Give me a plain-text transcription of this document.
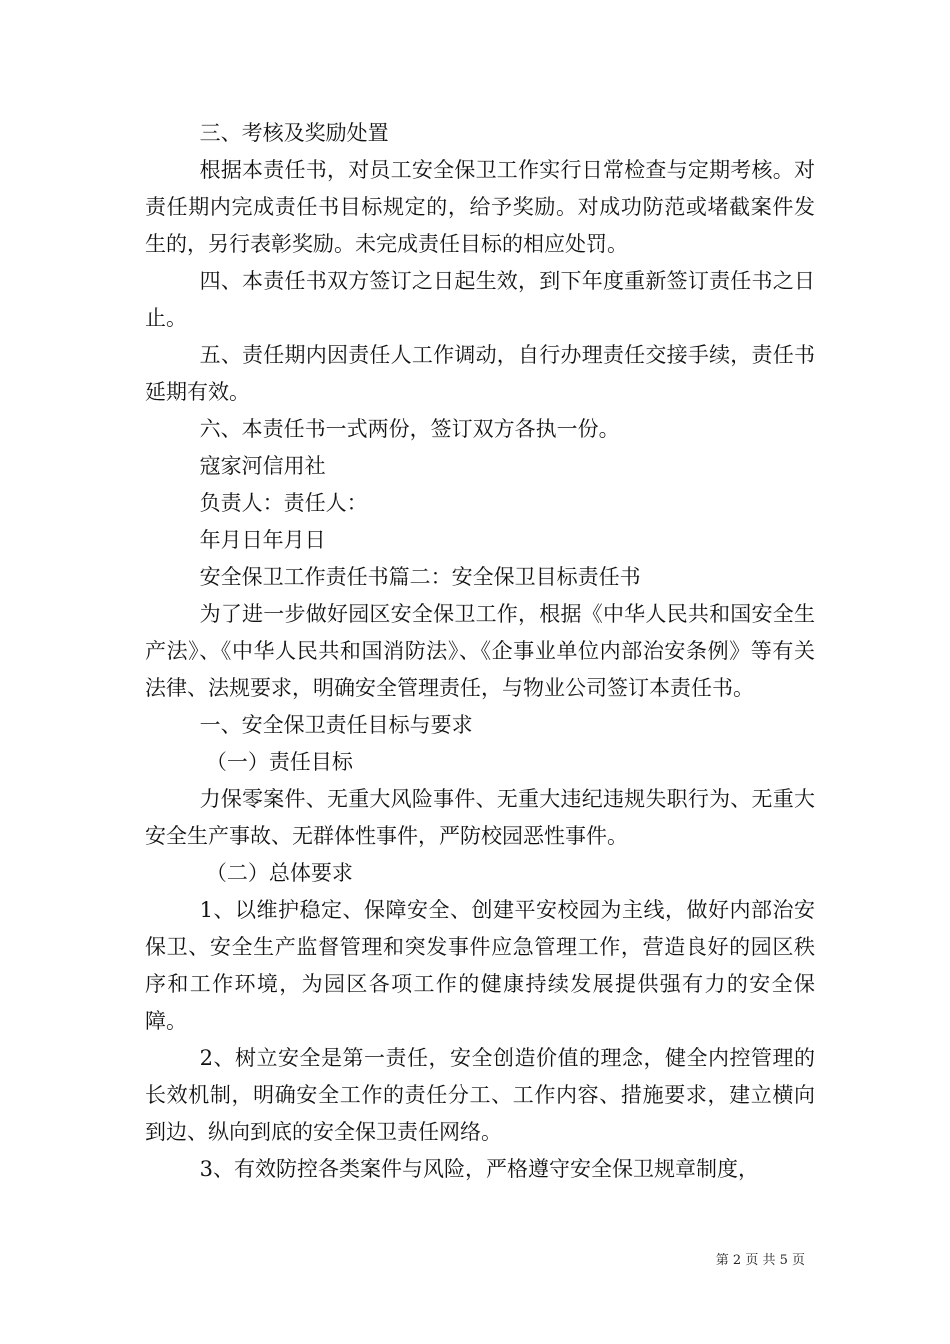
三、考核及奖励处置

根据本责任书，对员工安全保卫工作实行日常检查与定期考核。对责任期内完成责任书目标规定的，给予奖励。对成功防范或堵截案件发生的，另行表彰奖励。未完成责任目标的相应处罚。

四、本责任书双方签订之日起生效，到下年度重新签订责任书之日止。

五、责任期内因责任人工作调动，自行办理责任交接手续，责任书延期有效。

六、本责任书一式两份，签订双方各执一份。

寇家河信用社

负责人：责任人：

年月日年月日

安全保卫工作责任书篇二：安全保卫目标责任书

为了进一步做好园区安全保卫工作，根据《中华人民共和国安全生产法》、《中华人民共和国消防法》、《企事业单位内部治安条例》等有关法律、法规要求，明确安全管理责任，与物业公司签订本责任书。

一、安全保卫责任目标与要求

（一）责任目标

力保零案件、无重大风险事件、无重大违纪违规失职行为、无重大安全生产事故、无群体性事件，严防校园恶性事件。

（二）总体要求

1、以维护稳定、保障安全、创建平安校园为主线，做好内部治安保卫、安全生产监督管理和突发事件应急管理工作，营造良好的园区秩序和工作环境，为园区各项工作的健康持续发展提供强有力的安全保障。

2、树立安全是第一责任，安全创造价值的理念，健全内控管理的长效机制，明确安全工作的责任分工、工作内容、措施要求，建立横向到边、纵向到底的安全保卫责任网络。

3、有效防控各类案件与风险，严格遵守安全保卫规章制度，

第 2 页 共 5 页
